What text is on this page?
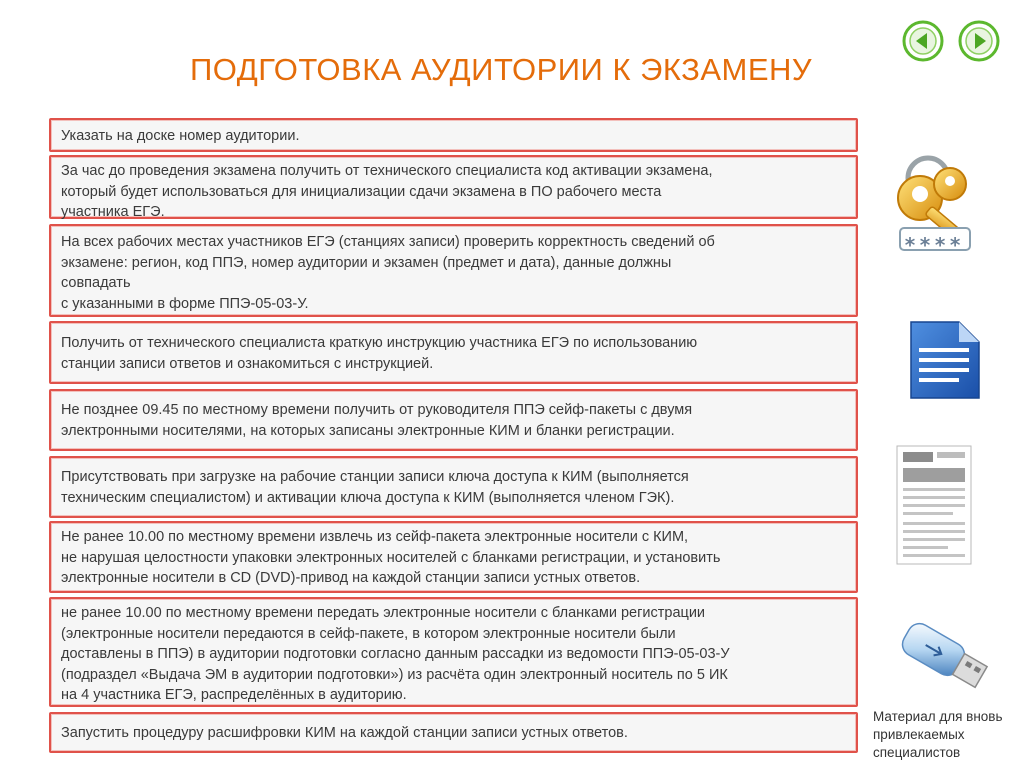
ПОДГОТОВКА АУДИТОРИИ К ЭКЗАМЕНУ
Указать на доске номер аудитории.
За час до проведения экзамена получить от технического специалиста код активации экзамена,
который будет использоваться для инициализации сдачи экзамена в ПО рабочего места
участника ЕГЭ.
На всех рабочих местах участников ЕГЭ (станциях записи) проверить корректность сведений об
экзамене: регион, код ППЭ, номер аудитории и экзамен (предмет и дата), данные должны
совпадать
с указанными в форме ППЭ-05-03-У.
Получить от технического специалиста краткую инструкцию участника ЕГЭ по использованию
станции записи ответов и ознакомиться с инструкцией.
Не позднее 09.45 по местному времени получить от руководителя ППЭ сейф-пакеты с двумя
электронными носителями, на которых записаны электронные КИМ и бланки регистрации.
Присутствовать при загрузке на рабочие станции записи ключа доступа к КИМ (выполняется
техническим специалистом) и активации ключа доступа к КИМ (выполняется членом ГЭК).
Не ранее 10.00 по местному времени извлечь из сейф-пакета электронные носители с КИМ,
не нарушая целостности упаковки электронных носителей с бланками регистрации, и установить
электронные носители в CD (DVD)-привод на каждой станции записи устных ответов.
не ранее 10.00 по местному времени передать электронные носители с бланками регистрации
(электронные носители передаются в сейф-пакете, в котором электронные носители были
доставлены в ППЭ) в аудитории подготовки согласно данным рассадки из ведомости ППЭ-05-03-У
(подраздел «Выдача ЭМ в аудитории подготовки») из расчёта один электронный носитель по 5 ИК
на 4 участника ЕГЭ, распределённых в аудиторию.
Запустить процедуру расшифровки КИМ на каждой станции записи устных ответов.
****
Материал для вновь привлекаемых специалистов
